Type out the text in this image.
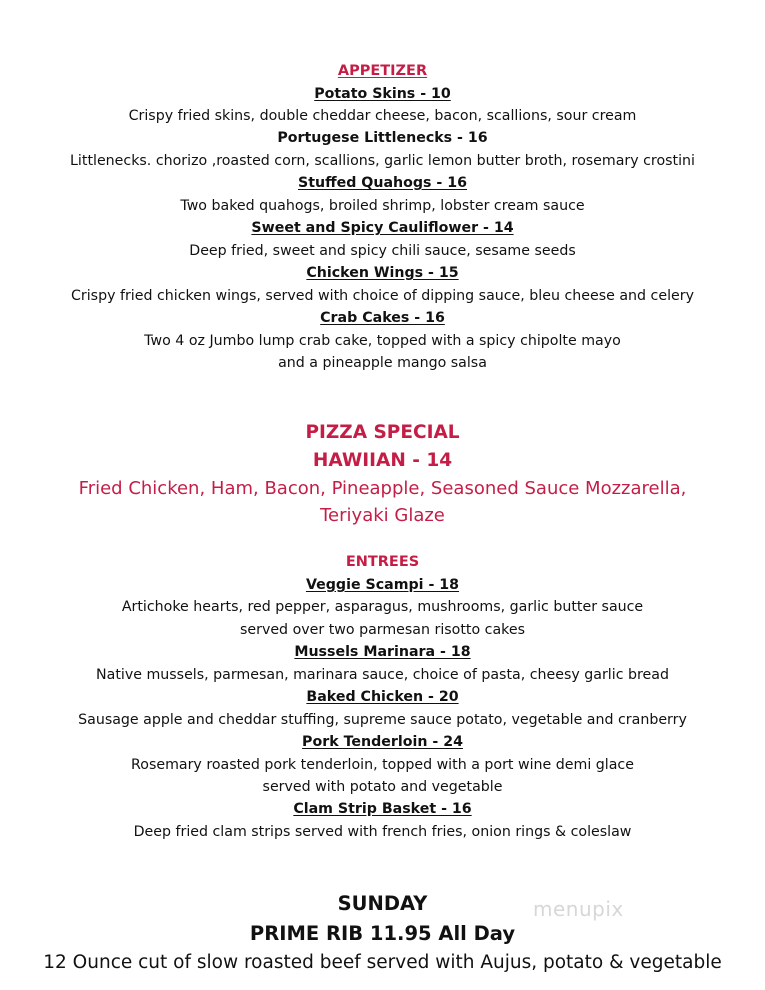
APPETIZER
Potato Skins - 10
Crispy fried skins, double cheddar cheese, bacon, scallions, sour cream
Portugese Littlenecks - 16
Littlenecks. chorizo ,roasted corn, scallions, garlic lemon butter broth, rosemary crostini
Stuffed Quahogs - 16
Two baked quahogs, broiled shrimp, lobster cream sauce
Sweet and Spicy Cauliflower - 14
Deep fried, sweet and spicy chili sauce, sesame seeds
Chicken Wings - 15
Crispy fried chicken wings, served with choice of dipping sauce, bleu cheese and celery
Crab Cakes - 16
Two 4 oz Jumbo lump crab cake, topped with a spicy chipolte mayo
and a pineapple mango salsa
PIZZA SPECIAL
HAWIIAN - 14
Fried Chicken, Ham, Bacon, Pineapple, Seasoned Sauce Mozzarella,
Teriyaki Glaze
ENTREES
Veggie Scampi - 18
Artichoke hearts, red pepper, asparagus, mushrooms, garlic butter sauce
served over two parmesan risotto cakes
Mussels Marinara - 18
Native mussels, parmesan, marinara sauce, choice of pasta, cheesy garlic bread
Baked Chicken - 20
Sausage apple and cheddar stuffing, supreme sauce potato, vegetable and cranberry
Pork Tenderloin - 24
Rosemary roasted pork tenderloin, topped with a port wine demi glace
served with potato and vegetable
Clam Strip Basket - 16
Deep fried clam strips served with french fries, onion rings & coleslaw
SUNDAY
PRIME RIB 11.95 All Day
12 Ounce cut of slow roasted beef served with Aujus, potato & vegetable
menupix
